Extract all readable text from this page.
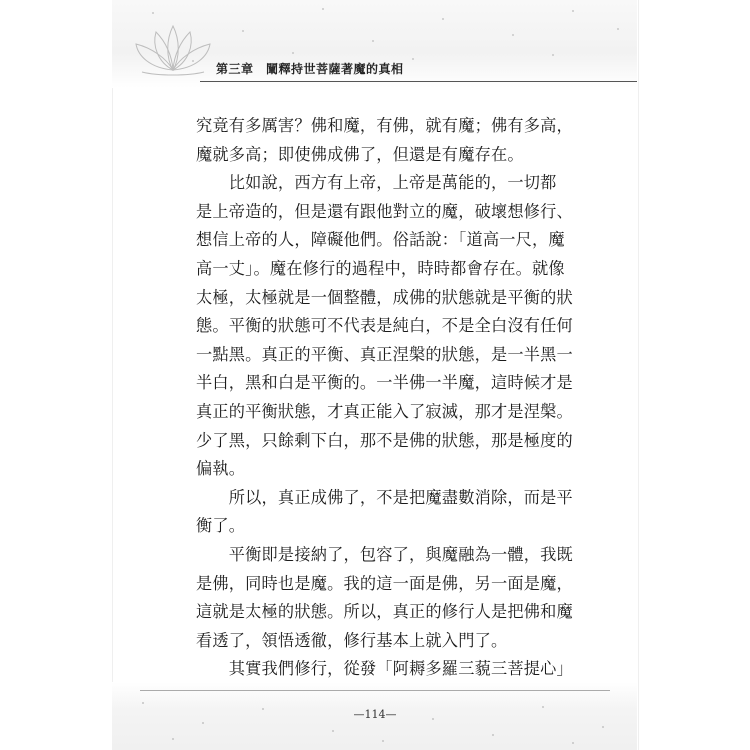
第三章　闡釋持世菩薩著魔的真相
究竟有多厲害？佛和魔，有佛，就有魔；佛有多高，
魔就多高；即使佛成佛了，但還是有魔存在。
　　比如說，西方有上帝，上帝是萬能的，一切都
是上帝造的，但是還有跟他對立的魔，破壞想修行、
想信上帝的人，障礙他們。俗話說：「道高一尺，魔
高一丈」。魔在修行的過程中，時時都會存在。就像
太極，太極就是一個整體，成佛的狀態就是平衡的狀
態。平衡的狀態可不代表是純白，不是全白沒有任何
一點黑。真正的平衡、真正涅槃的狀態，是一半黑一
半白，黑和白是平衡的。一半佛一半魔，這時候才是
真正的平衡狀態，才真正能入了寂滅，那才是涅槃。
少了黑，只餘剩下白，那不是佛的狀態，那是極度的
偏執。
　　所以，真正成佛了，不是把魔盡數消除，而是平
衡了。
　　平衡即是接納了，包容了，與魔融為一體，我既
是佛，同時也是魔。我的這一面是佛，另一面是魔，
這就是太極的狀態。所以，真正的修行人是把佛和魔
看透了，領悟透徹，修行基本上就入門了。
　　其實我們修行，從發「阿耨多羅三藐三菩提心」
—114—
